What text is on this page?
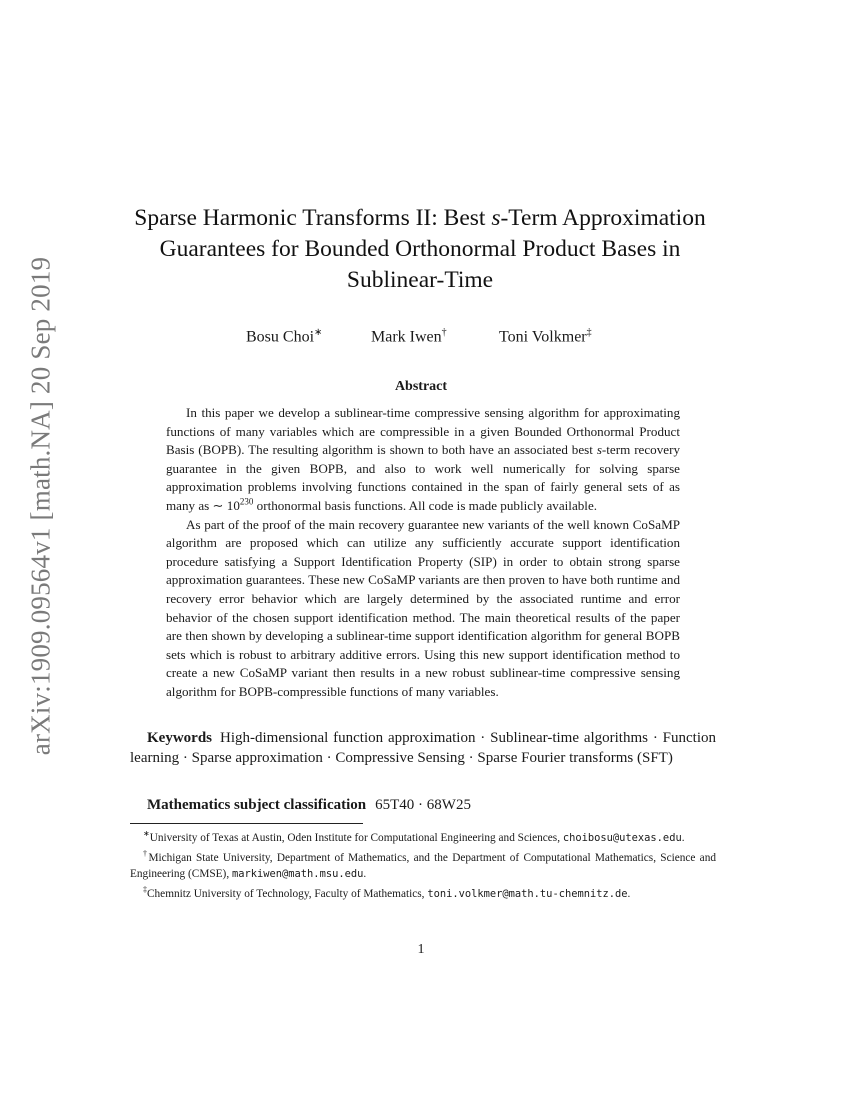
arXiv:1909.09564v1 [math.NA] 20 Sep 2019
Sparse Harmonic Transforms II: Best s-Term Approximation
Guarantees for Bounded Orthonormal Product Bases in
Sublinear-Time
Bosu Choi∗	Mark Iwen†	Toni Volkmer‡
Abstract

In this paper we develop a sublinear-time compressive sensing algorithm for approximating functions of many variables which are compressible in a given Bounded Orthonormal Product Basis (BOPB). The resulting algorithm is shown to both have an associated best s-term recovery guarantee in the given BOPB, and also to work well numerically for solving sparse approximation problems involving functions contained in the span of fairly general sets of as many as ∼ $10^{230}$ orthonormal basis functions. All code is made publicly available.

As part of the proof of the main recovery guarantee new variants of the well known CoSaMP algorithm are proposed which can utilize any sufficiently accurate support identification procedure satisfying a Support Identification Property (SIP) in order to obtain strong sparse approximation guarantees. These new CoSaMP variants are then proven to have both runtime and recovery error behavior which are largely determined by the associated runtime and error behavior of the chosen support identification method. The main theoretical results of the paper are then shown by developing a sublinear-time support identification algorithm for general BOPB sets which is robust to arbitrary additive errors. Using this new support identification method to create a new CoSaMP variant then results in a new robust sublinear-time compressive sensing algorithm for BOPB-compressible functions of many variables.

Keywords High-dimensional function approximation · Sublinear-time algorithms · Function learning · Sparse approximation · Compressive Sensing · Sparse Fourier transforms (SFT)
Mathematics subject classification 65T40 · 68W25
∗University of Texas at Austin, Oden Institute for Computational Engineering and Sciences, choibosu@utexas.edu.
†Michigan State University, Department of Mathematics, and the Department of Computational Mathematics, Science and Engineering (CMSE), markiwen@math.msu.edu.
‡Chemnitz University of Technology, Faculty of Mathematics, toni.volkmer@math.tu-chemnitz.de.
1
